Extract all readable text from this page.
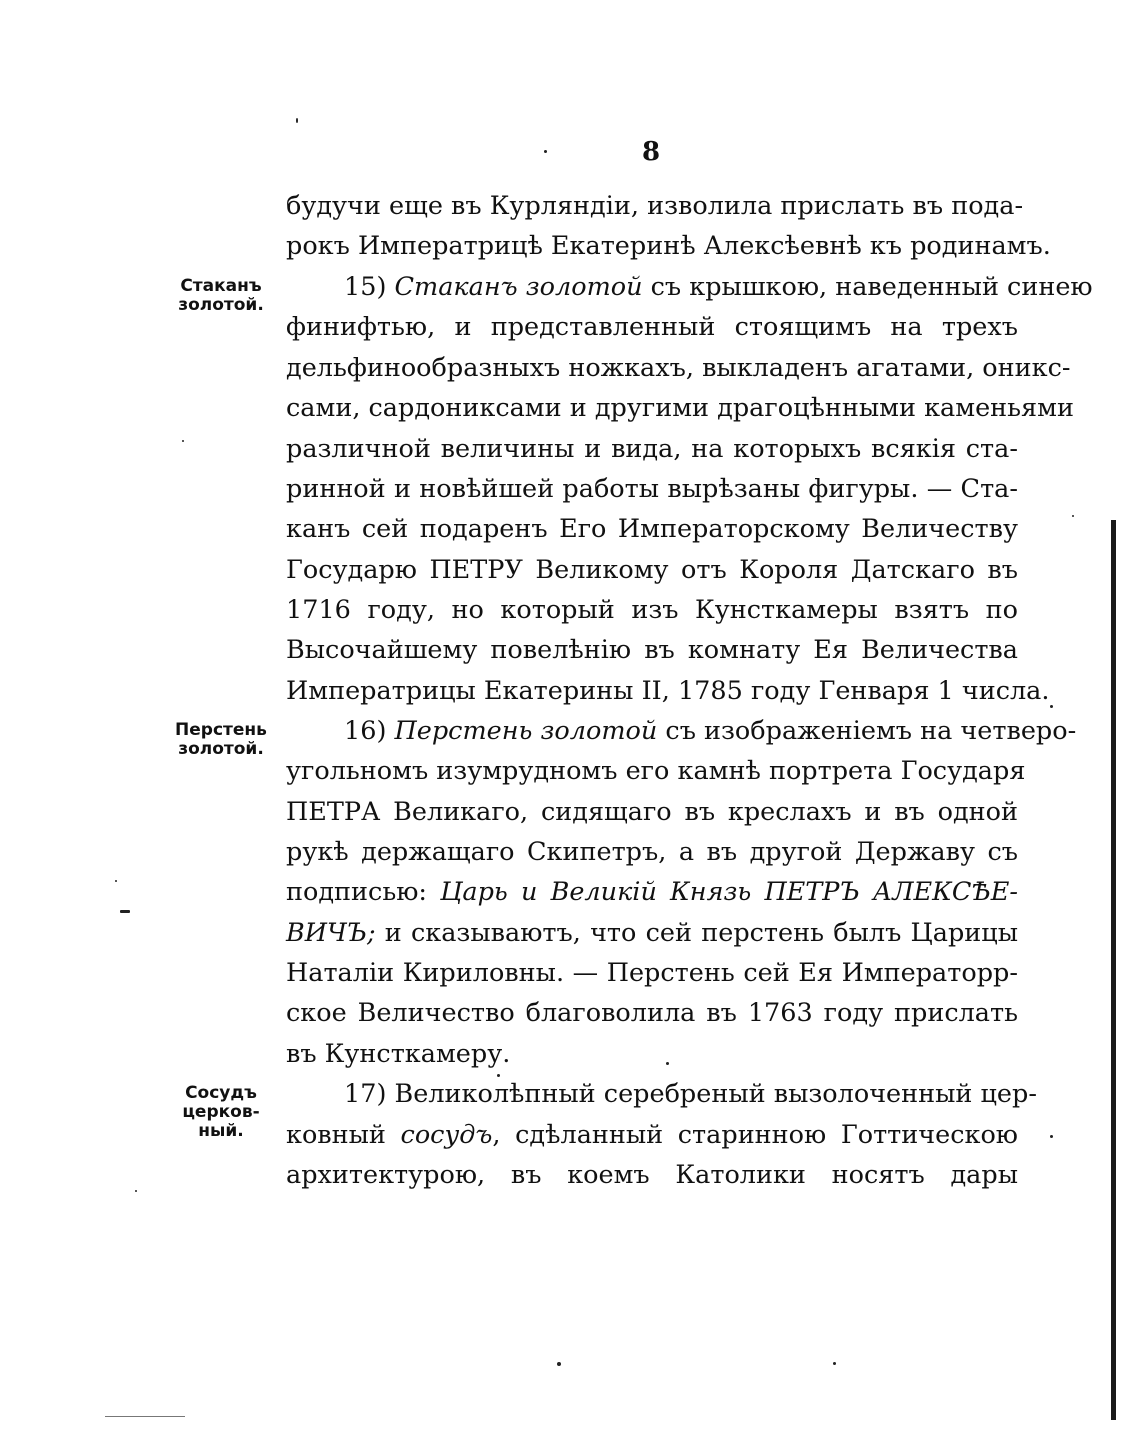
8
Стаканъ
золотой.
Перстень
золотой.
Сосудъ
церков-
ный.
будучи еще въ Курляндіи, изволила прислать въ пода-
рокъ Императрицѣ Екатеринѣ Алексѣевнѣ къ родинамъ.
15) Стаканъ золотой съ крышкою, наведенный синею
финифтью, и представленный стоящимъ на трехъ
дельфинообразныхъ ножкахъ, выкладенъ агатами, оникс-
сами, сардониксами и другими драгоцѣнными каменьями
различной величины и вида, на которыхъ всякія ста-
ринной и новѣйшей работы вырѣзаны фигуры. — Ста-
канъ сей подаренъ Его Императорскому Величеству
Государю ПЕТРУ Великому отъ Короля Датскаго въ
1716 году, но который изъ Кунсткамеры взятъ по
Высочайшему повелѣнію въ комнату Ея Величества
Императрицы Екатерины II, 1785 году Генваря 1 числа.
16) Перстень золотой съ изображеніемъ на четверо-
угольномъ изумрудномъ его камнѣ портрета Государя
ПЕТРА Великаго, сидящаго въ креслахъ и въ одной
рукѣ держащаго Скипетръ, а въ другой Державу съ
подписью: Царь и Великій Князь ПЕТРЪ АЛЕКСѢЕ-
ВИЧЪ; и сказываютъ, что сей перстень былъ Царицы
Наталіи Кириловны. — Перстень сей Ея Императорр-
ское Величество благоволила въ 1763 году прислать
въ Кунсткамеру.
17) Великолѣпный серебреный вызолоченный цер-
ковный сосудъ, сдѣланный старинною Готтическою
архитектурою, въ коемъ Католики носятъ дары
